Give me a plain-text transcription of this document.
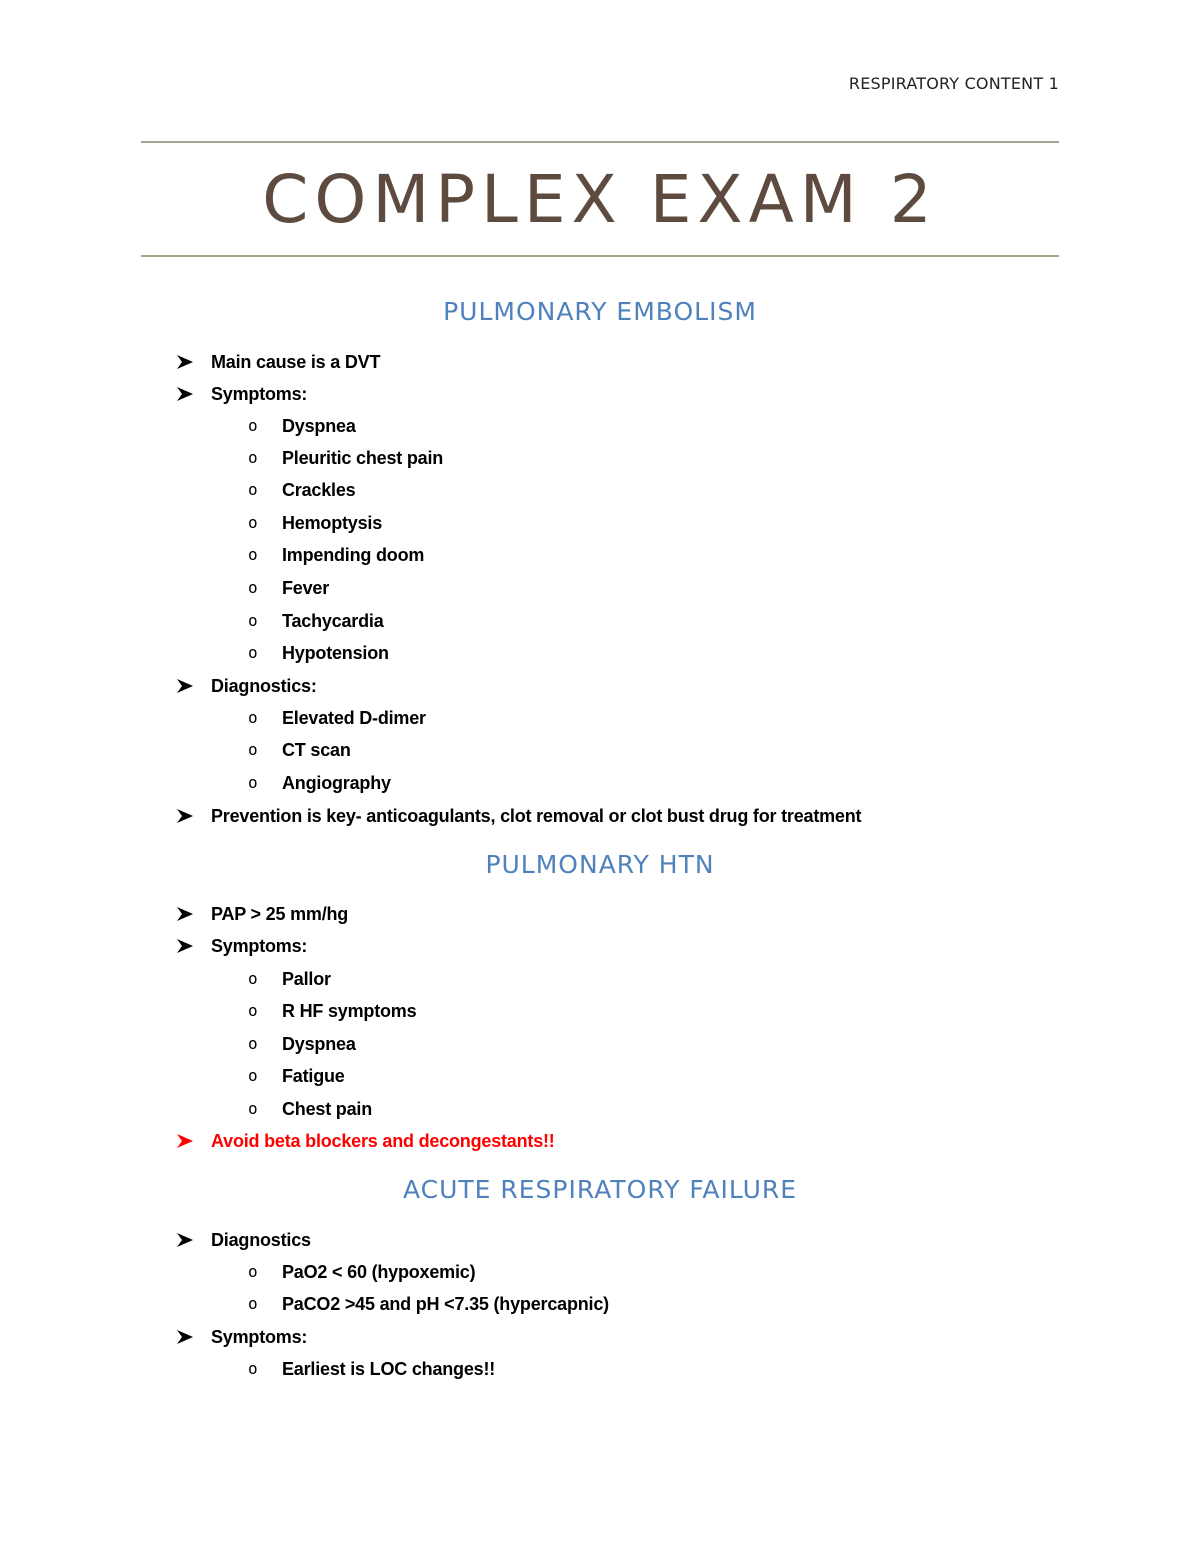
RESPIRATORY CONTENT 1
COMPLEX EXAM 2
PULMONARY EMBOLISM
Main cause is a DVT
Symptoms:
o Dyspnea
o Pleuritic chest pain
o Crackles
o Hemoptysis
o Impending doom
o Fever
o Tachycardia
o Hypotension
Diagnostics:
o Elevated D-dimer
o CT scan
o Angiography
Prevention is key- anticoagulants, clot removal or clot bust drug for treatment
PULMONARY HTN
PAP > 25 mm/hg
Symptoms:
o Pallor
o R HF symptoms
o Dyspnea
o Fatigue
o Chest pain
Avoid beta blockers and decongestants!!
ACUTE RESPIRATORY FAILURE
Diagnostics
o PaO2 < 60 (hypoxemic)
o PaCO2 >45 and pH <7.35 (hypercapnic)
Symptoms:
o Earliest is LOC changes!!
